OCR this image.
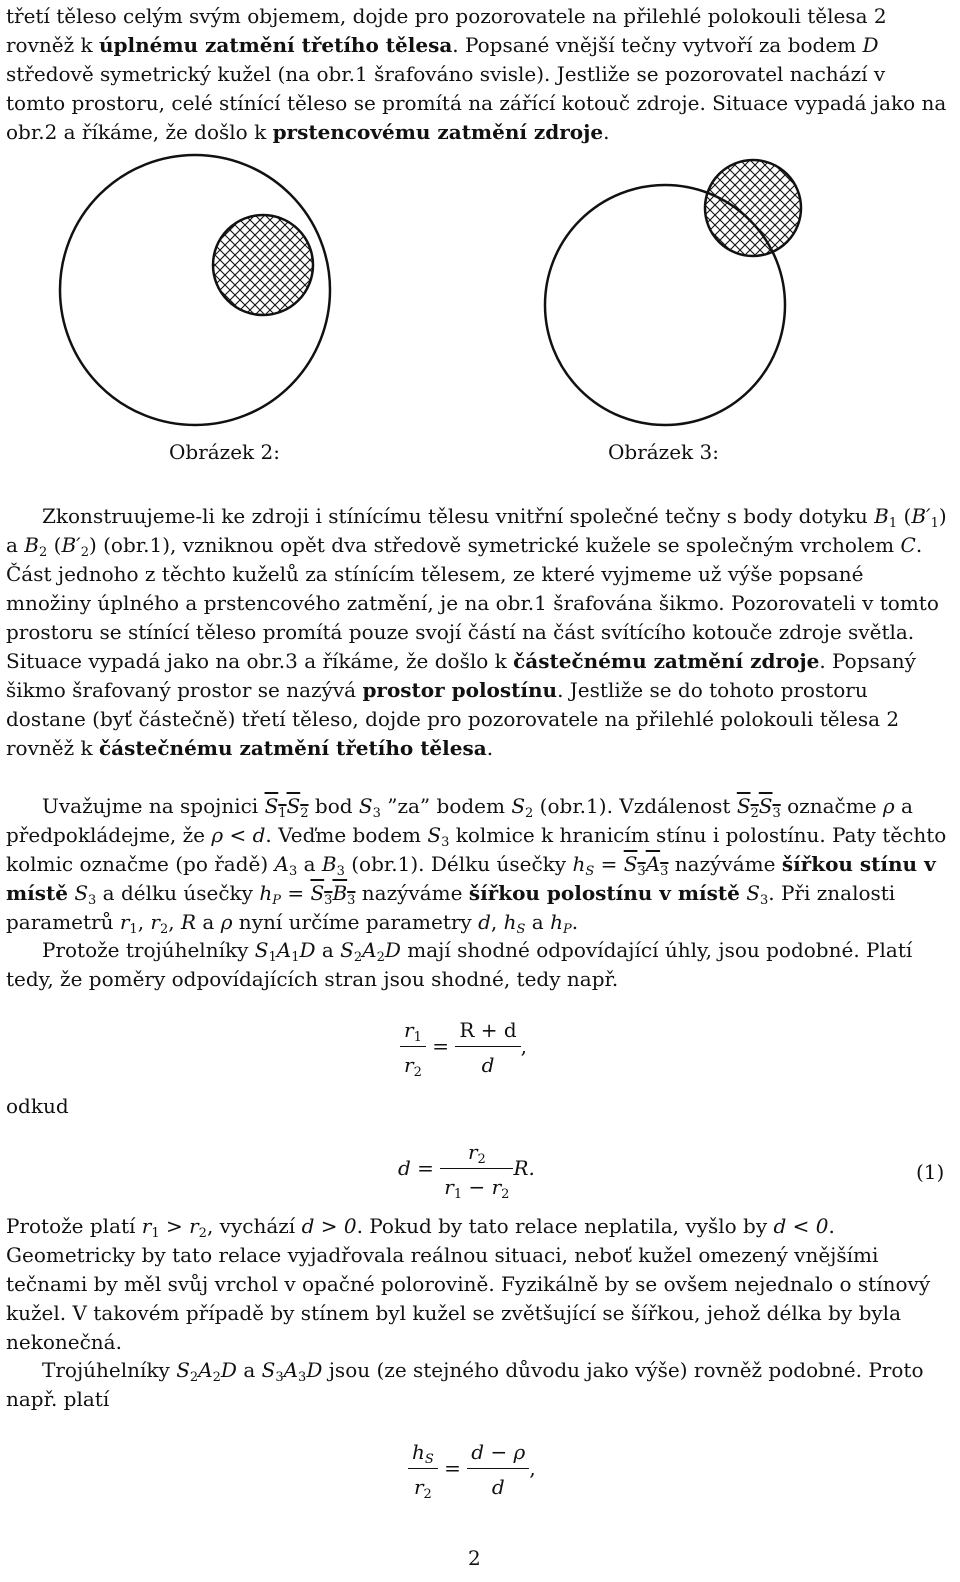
třetí těleso celým svým objemem, dojde pro pozorovatele na přilehlé polokouli tělesa 2 rovněž k úplnému zatmění třetího tělesa. Popsané vnější tečny vytvoří za bodem D středově symetrický kužel (na obr.1 šrafováno svisle). Jestliže se pozorovatel nachází v tomto prostoru, celé stínící těleso se promítá na zářící kotouč zdroje. Situace vypadá jako na obr.2 a říkáme, že došlo k prstencovému zatmění zdroje.

Obrázek 2:	Obrázek 3:

Zkonstruujeme-li ke zdroji i stínícímu tělesu vnitřní společné tečny s body dotyku $B_1$ $(B'_1)$ a $B_2$ $(B'_2)$ (obr.1), vzniknou opět dva středově symetrické kužele se společným vrcholem C. Část jednoho z těchto kuželů za stínícím tělesem, ze které vyjmeme už výše popsané množiny úplného a prstencového zatmění, je na obr.1 šrafována šikmo. Pozorovateli v tomto prostoru se stínící těleso promítá pouze svojí částí na část svítícího kotouče zdroje světla. Situace vypadá jako na obr.3 a říkáme, že došlo k částečnému zatmění zdroje. Popsaný šikmo šrafovaný prostor se nazývá prostor polostínu. Jestliže se do tohoto prostoru dostane (byť částečně) třetí těleso, dojde pro pozorovatele na přilehlé polokouli tělesa 2 rovněž k částečnému zatmění třetího tělesa.

Uvažujme na spojnici $S_1S_2$ bod $S_3$ ”za” bodem $S_2$ (obr.1). Vzdálenost $S_2S_3$ označme ρ a předpokládejme, že ρ < d. Veďme bodem $S_3$ kolmice k hranicím stínu i polostínu. Paty těchto kolmic označme (po řadě) $A_3$ a $B_3$ (obr.1). Délku úsečky $h_S = S_3A_3$ nazýváme šířkou stínu v místě $S_3$ a délku úsečky $h_P = S_3B_3$ nazýváme šířkou polostínu v místě $S_3$. Při znalosti parametrů $r_1$, $r_2$, R a ρ nyní určíme parametry d, $h_S$ a $h_P$.

Protože trojúhelníky $S_1A_1D$ a $S_2A_2D$ mají shodné odpovídající úhly, jsou podobné. Platí tedy, že poměry odpovídajících stran jsou shodné, tedy např.

$\frac{r_1}{r_2} = \frac{R + d}{d}$ ,
odkud
$d = \frac{r_2}{r_1 - r_2} R$.	(1)

Protože platí $r_1 > r_2$, vychází d > 0. Pokud by tato relace neplatila, vyšlo by d < 0. Geometricky by tato relace vyjadřovala reálnou situaci, neboť kužel omezený vnějšími tečnami by měl svůj vrchol v opačné polorovině. Fyzikálně by se ovšem nejednalo o stínový kužel. V takovém případě by stínem byl kužel se zvětšující se šířkou, jehož délka by byla nekonečná.

Trojúhelníky $S_2A_2D$ a $S_3A_3D$ jsou (ze stejného důvodu jako výše) rovněž podobné. Proto např. platí

$\frac{h_S}{r_2} = \frac{d - \rho}{d}$ ,
2
